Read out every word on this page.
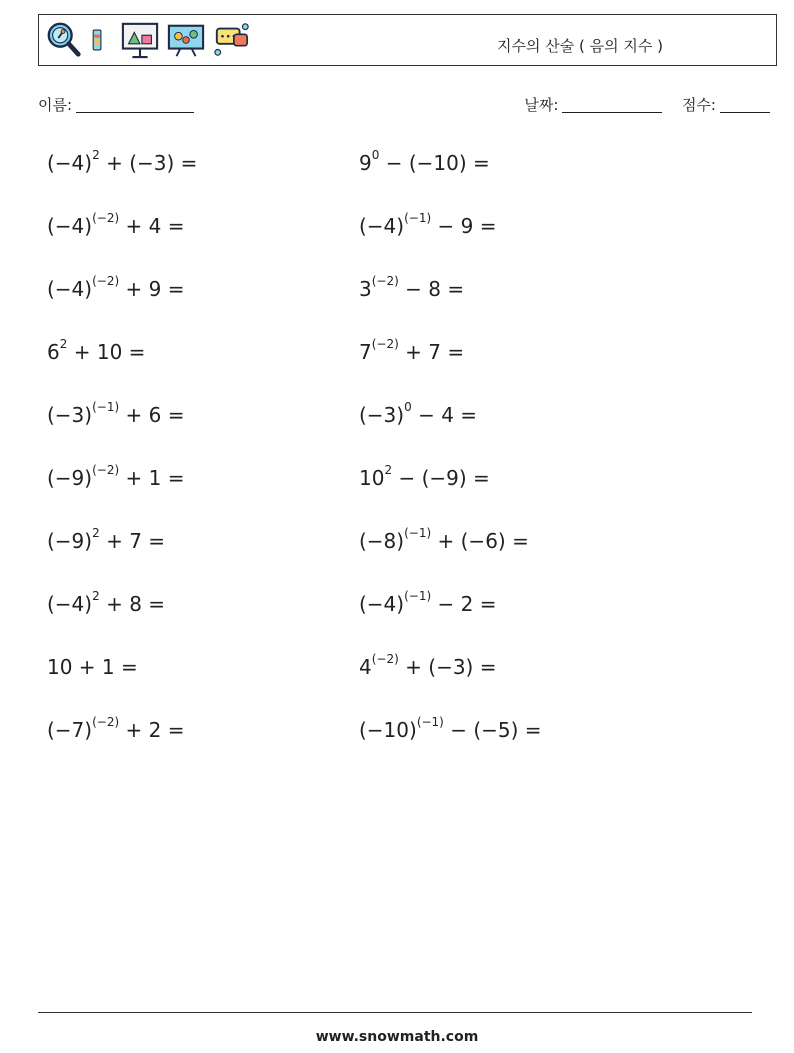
지수의 산술 ( 음의 지수 )
이름:	날짜:	점수:
$(-4)^2 + (-3)$ =	$9^0 - (-10)$ =
$(-4)^{(-2)} + 4$ =	$(-4)^{(-1)} - 9$ =
$(-4)^{(-2)} + 9$ =	$3^{(-2)} - 8$ =
$6^2 + 10$ =	$7^{(-2)} + 7$ =
$(-3)^{(-1)} + 6$ =	$(-3)^0 - 4$ =
$(-9)^{(-2)} + 1$ =	$10^2 - (-9)$ =
$(-9)^2 + 7$ =	$(-8)^{(-1)} + (-6)$ =
$(-4)^2 + 8$ =	$(-4)^{(-1)} - 2$ =
10 + 1 =	$4^{(-2)} + (-3)$ =
$(-7)^{(-2)} + 2$ =	$(-10)^{(-1)} - (-5)$ =
www.snowmath.com
